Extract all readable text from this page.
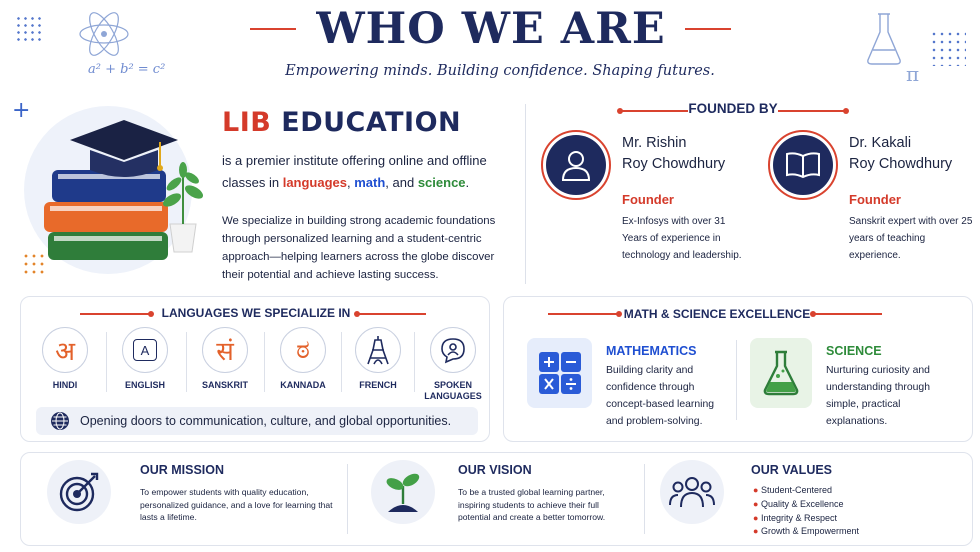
a² + b² = c²	π
+
WHO WE ARE
Empowering minds. Building confidence. Shaping futures.
LIB EDUCATION
is a premier institute offering online and offline classes in languages, math, and science.
We specialize in building strong academic foundations through personalized learning and a student-centric approach—helping learners across the globe discover their potential and achieve lasting success.
FOUNDED BY
Mr. Rishin
Roy Chowdhury
Founder
Ex-Infosys with over 31 Years of experience in technology and leadership.
Dr. Kakali
Roy Chowdhury
Founder
Sanskrit expert with over 25 years of teaching experience.
LANGUAGES WE SPECIALIZE IN
अ
HINDI
A
ENGLISH
सं
SANSKRIT
ಠ
KANNADA	FRENCH	SPOKEN LANGUAGES
Opening doors to communication, culture, and global opportunities.
MATH & SCIENCE EXCELLENCE
MATHEMATICS
Building clarity and confidence through concept-based learning and problem-solving.
SCIENCE
Nurturing curiosity and understanding through simple, practical explanations.
OUR MISSION
To empower students with quality education, personalized guidance, and a love for learning that lasts a lifetime.
OUR VISION
To be a trusted global learning partner, inspiring students to achieve their full potential and create a better tomorrow.
OUR VALUES
● Student-Centered
● Quality & Excellence
● Integrity & Respect
● Growth & Empowerment
